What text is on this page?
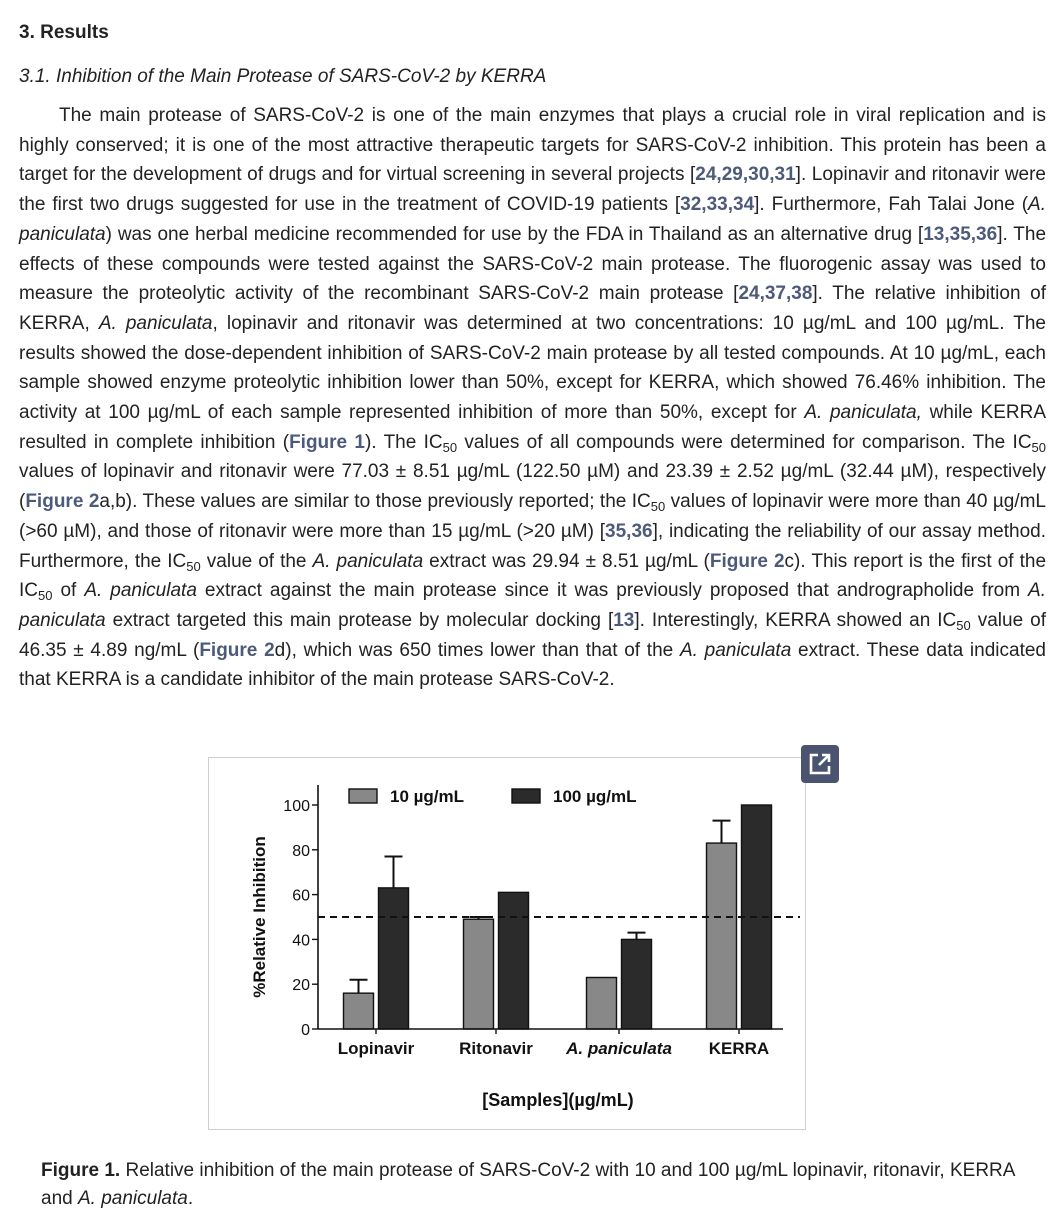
3. Results
3.1. Inhibition of the Main Protease of SARS-CoV-2 by KERRA

The main protease of SARS-CoV-2 is one of the main enzymes that plays a crucial role in viral replication and is highly conserved; it is one of the most attractive therapeutic targets for SARS-CoV-2 inhibition. This protein has been a target for the development of drugs and for virtual screening in several projects [24,29,30,31]. Lopinavir and ritonavir were the first two drugs suggested for use in the treatment of COVID-19 patients [32,33,34]. Furthermore, Fah Talai Jone (A. paniculata) was one herbal medicine recommended for use by the FDA in Thailand as an alternative drug [13,35,36]. The effects of these compounds were tested against the SARS-CoV-2 main protease. The fluorogenic assay was used to measure the proteolytic activity of the recombinant SARS-CoV-2 main protease [24,37,38]. The relative inhibition of KERRA, A. paniculata, lopinavir and ritonavir was determined at two concentrations: 10 µg/mL and 100 µg/mL. The results showed the dose-dependent inhibition of SARS-CoV-2 main protease by all tested compounds. At 10 µg/mL, each sample showed enzyme proteolytic inhibition lower than 50%, except for KERRA, which showed 76.46% inhibition. The activity at 100 µg/mL of each sample represented inhibition of more than 50%, except for A. paniculata, while KERRA resulted in complete inhibition (Figure 1). The $IC_{50}$ values of all compounds were determined for comparison. The $IC_{50}$ values of lopinavir and ritonavir were 77.03 ± 8.51 µg/mL (122.50 µM) and 23.39 ± 2.52 µg/mL (32.44 µM), respectively (Figure 2a,b). These values are similar to those previously reported; the $IC_{50}$ values of lopinavir were more than 40 µg/mL (>60 µM), and those of ritonavir were more than 15 µg/mL (>20 µM) [35,36], indicating the reliability of our assay method. Furthermore, the $IC_{50}$ value of the A. paniculata extract was 29.94 ± 8.51 µg/mL (Figure 2c). This report is the first of the $IC_{50}$ of A. paniculata extract against the main protease since it was previously proposed that andrographolide from A. paniculata extract targeted this main protease by molecular docking [13]. Interestingly, KERRA showed an $IC_{50}$ value of 46.35 ± 4.89 ng/mL (Figure 2d), which was 650 times lower than that of the A. paniculata extract. These data indicated that KERRA is a candidate inhibitor of the main protease SARS-CoV-2.

0
20
40
60
80
100
%Relative Inhibition
Lopinavir	Ritonavir A. paniculata KERRA
10 µg/mL	100 µg/mL
[Samples](µg/mL)

Figure 1. Relative inhibition of the main protease of SARS-CoV-2 with 10 and 100 µg/mL lopinavir, ritonavir, KERRA and A. paniculata.
